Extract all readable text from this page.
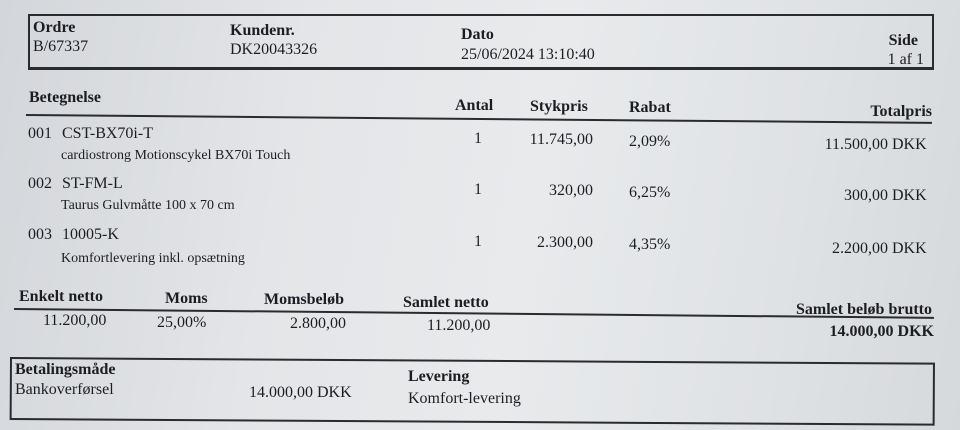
Ordre
B/67337
Kundenr.
DK20043326
Dato
25/06/2024 13:10:40
Side
1 af 1
Betegnelse	Antal Stykpris	Rabat	Totalpris
001 CST-BX70i-T
cardiostrong Motionscykel BX70i Touch
1	11.745,00 2,09%	11.500,00 DKK
002 ST-FM-L
Taurus Gulvmåtte 100 x 70 cm
1	320,00 6,25%	300,00 DKK
003 10005-K
Komfortlevering inkl. opsætning
1	2.300,00 4,35%	2.200,00 DKK
Enkelt netto	Moms	Momsbeløb	Samlet netto	Samlet beløb brutto
11.200,00	25,00%	2.800,00	11.200,00	14.000,00 DKK
Betalingsmåde
Bankoverførsel	14.000,00 DKK
Levering
Komfort-levering
